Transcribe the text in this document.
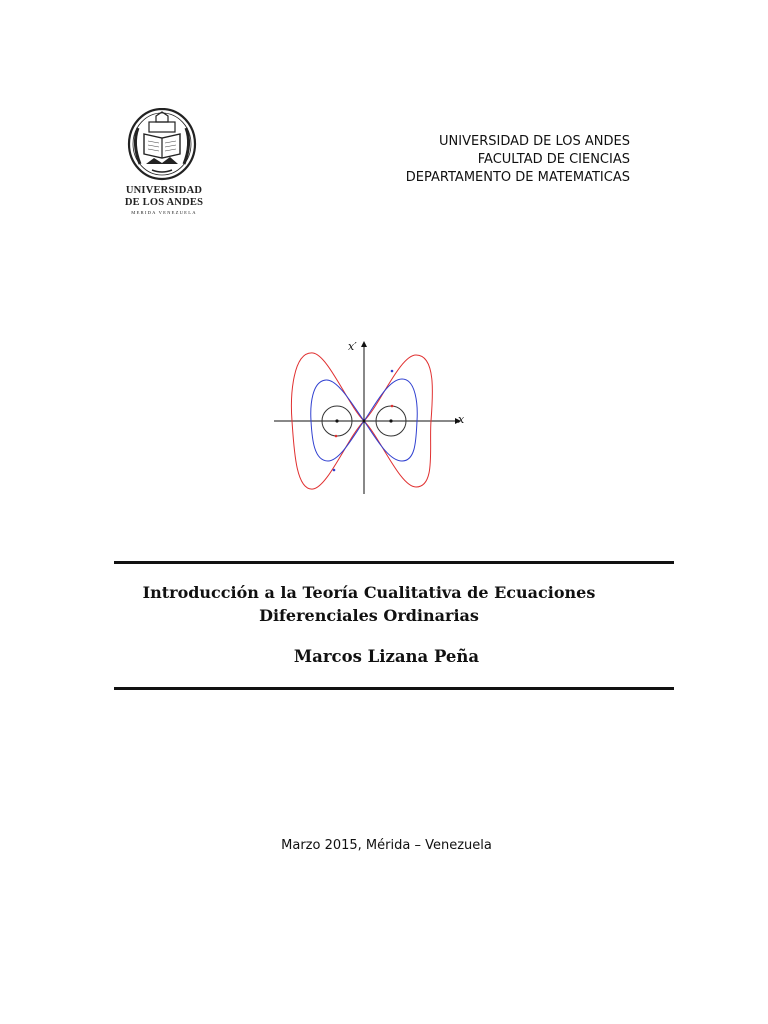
UNIVERSIDAD
DE LOS ANDES
MERIDA VENEZUELA
UNIVERSIDAD DE LOS ANDES
FACULTAD DE CIENCIAS
DEPARTAMENTO DE MATEMATICAS
x′
x
Introducción a la Teoría Cualitativa de Ecuaciones
Diferenciales Ordinarias
Marcos Lizana Peña
Marzo 2015, Mérida – Venezuela
